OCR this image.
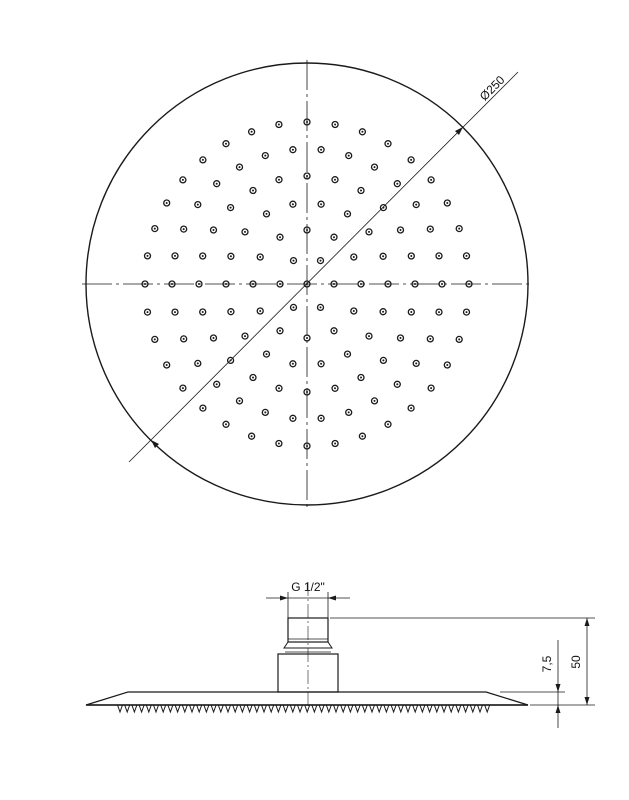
Ø250
G 1/2"
7,5 50
